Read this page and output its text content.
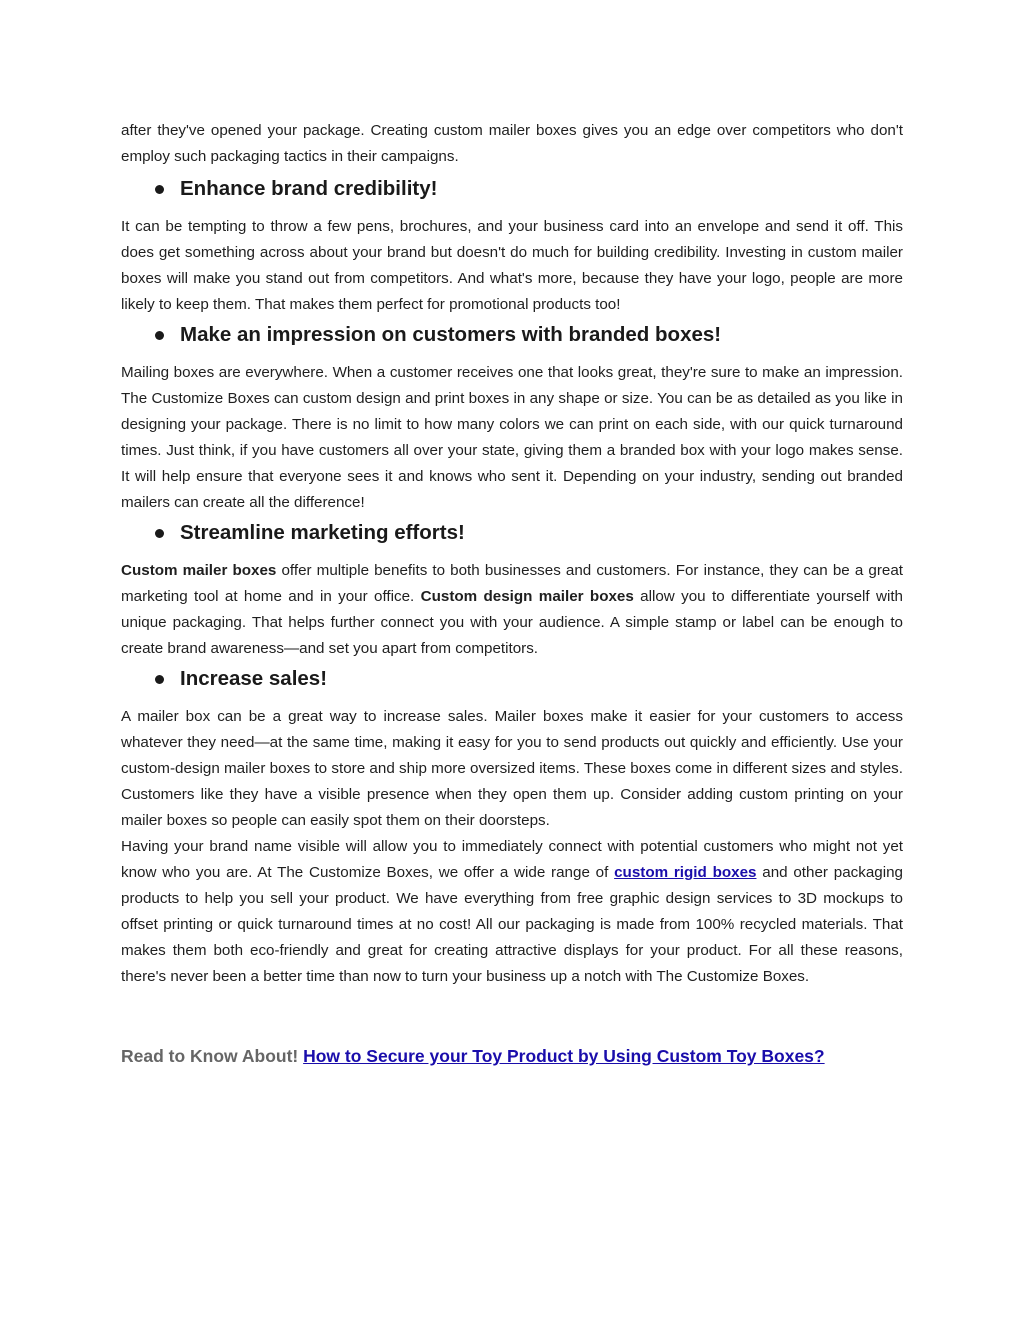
after they've opened your package. Creating custom mailer boxes gives you an edge over competitors who don't employ such packaging tactics in their campaigns.

Enhance brand credibility!

It can be tempting to throw a few pens, brochures, and your business card into an envelope and send it off. This does get something across about your brand but doesn't do much for building credibility. Investing in custom mailer boxes will make you stand out from competitors. And what's more, because they have your logo, people are more likely to keep them. That makes them perfect for promotional products too!

Make an impression on customers with branded boxes!

Mailing boxes are everywhere. When a customer receives one that looks great, they're sure to make an impression. The Customize Boxes can custom design and print boxes in any shape or size. You can be as detailed as you like in designing your package. There is no limit to how many colors we can print on each side, with our quick turnaround times. Just think, if you have customers all over your state, giving them a branded box with your logo makes sense. It will help ensure that everyone sees it and knows who sent it. Depending on your industry, sending out branded mailers can create all the difference!

Streamline marketing efforts!

Custom mailer boxes offer multiple benefits to both businesses and customers. For instance, they can be a great marketing tool at home and in your office. Custom design mailer boxes allow you to differentiate yourself with unique packaging. That helps further connect you with your audience. A simple stamp or label can be enough to create brand awareness—and set you apart from competitors.

Increase sales!

A mailer box can be a great way to increase sales. Mailer boxes make it easier for your customers to access whatever they need—at the same time, making it easy for you to send products out quickly and efficiently. Use your custom-design mailer boxes to store and ship more oversized items. These boxes come in different sizes and styles. Customers like they have a visible presence when they open them up. Consider adding custom printing on your mailer boxes so people can easily spot them on their doorsteps.

Having your brand name visible will allow you to immediately connect with potential customers who might not yet know who you are. At The Customize Boxes, we offer a wide range of custom rigid boxes and other packaging products to help you sell your product. We have everything from free graphic design services to 3D mockups to offset printing or quick turnaround times at no cost! All our packaging is made from 100% recycled materials. That makes them both eco-friendly and great for creating attractive displays for your product. For all these reasons, there's never been a better time than now to turn your business up a notch with The Customize Boxes.

Read to Know About! How to Secure your Toy Product by Using Custom Toy Boxes?
